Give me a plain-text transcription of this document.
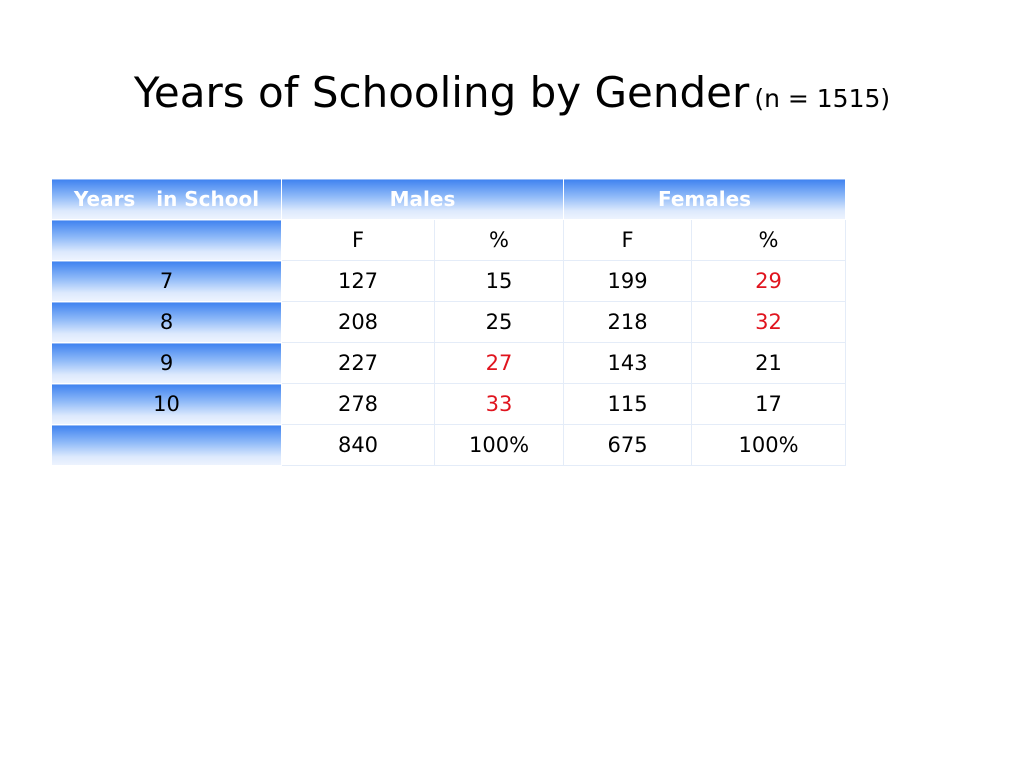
Years of Schooling by Gender (n = 1515)
Years   in School	Males		Females	
	F	%	F	%
7	127	15	199	29
8	208	25	218	32
9	227	27	143	21
10	278	33	115	17
	840	100%	675	100%
